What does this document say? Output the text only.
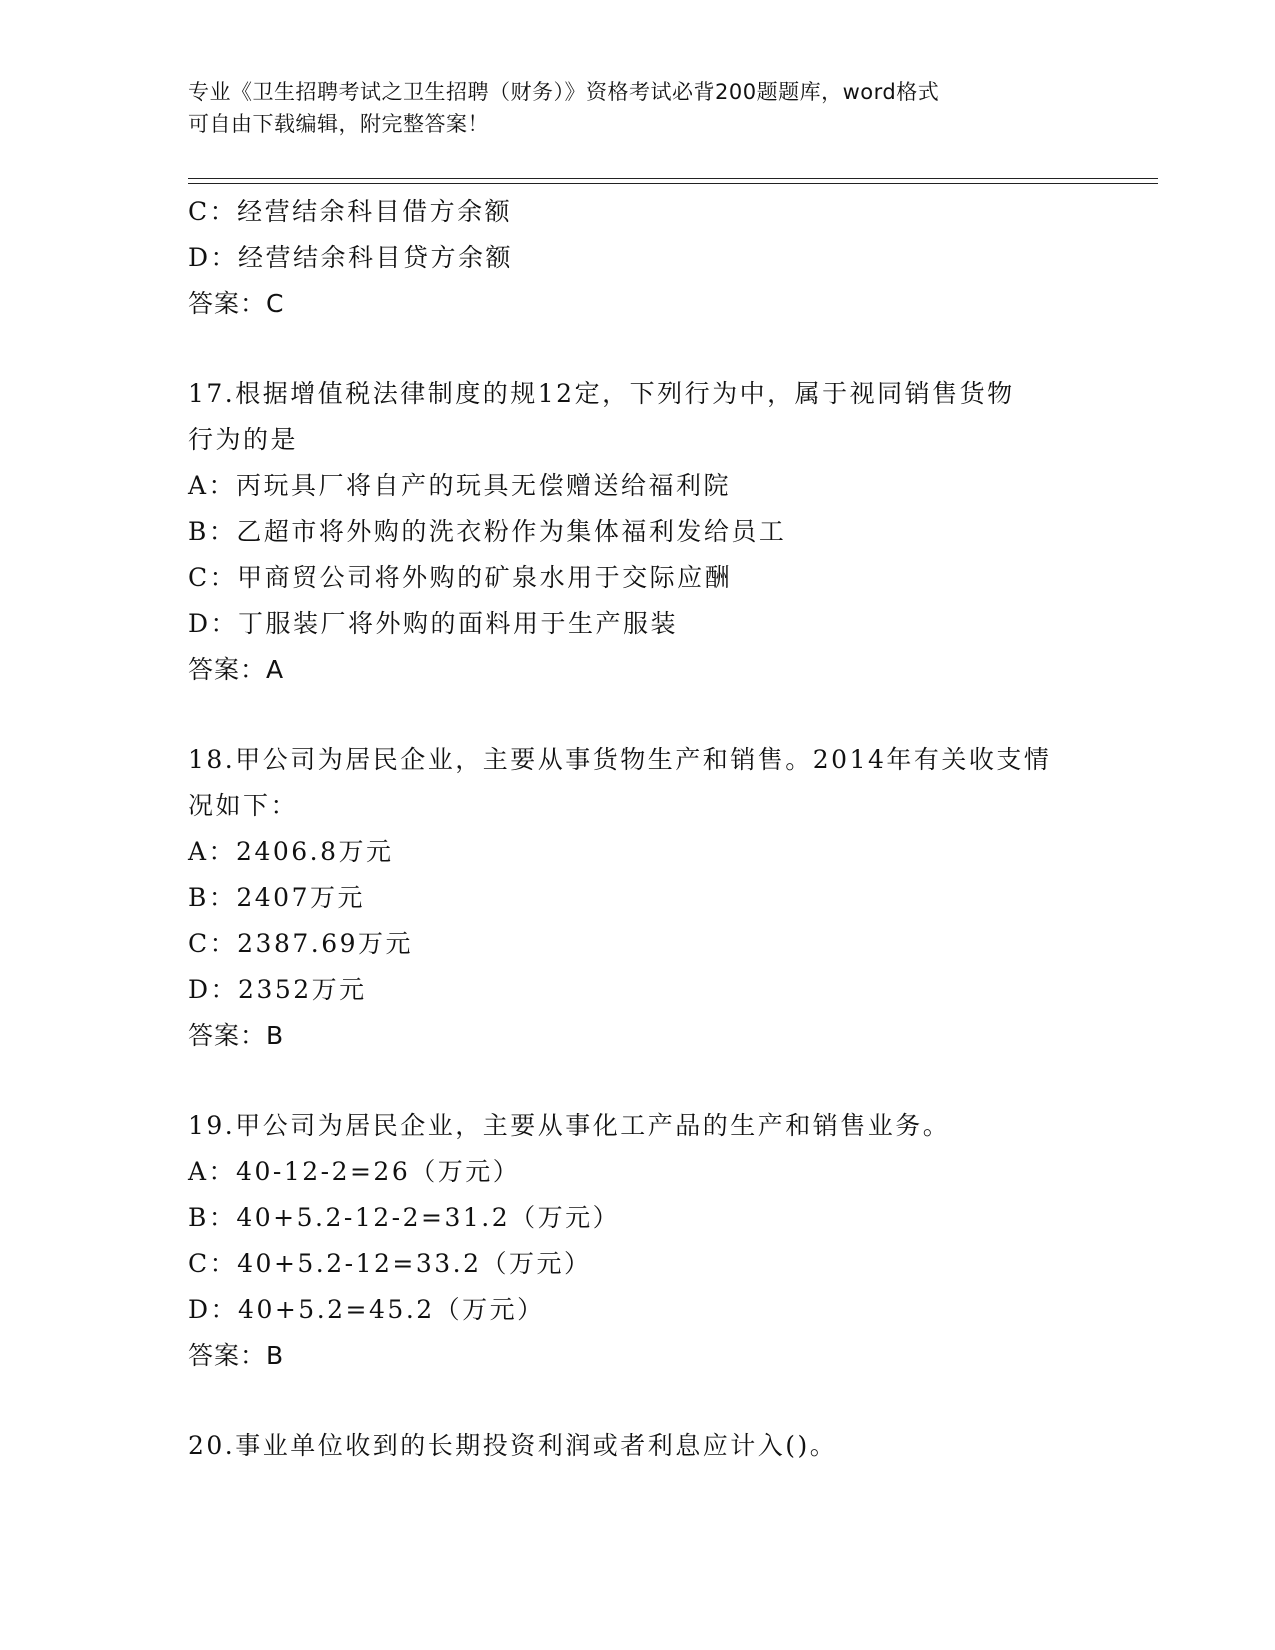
专业《卫生招聘考试之卫生招聘（财务）》资格考试必背200题题库，word格式
可自由下载编辑，附完整答案！
C：经营结余科目借方余额
D：经营结余科目贷方余额
答案：C
17.根据增值税法律制度的规12定，下列行为中，属于视同销售货物
行为的是
A：丙玩具厂将自产的玩具无偿赠送给福利院
B：乙超市将外购的洗衣粉作为集体福利发给员工
C：甲商贸公司将外购的矿泉水用于交际应酬
D：丁服装厂将外购的面料用于生产服装
答案：A
18.甲公司为居民企业，主要从事货物生产和销售。2014年有关收支情
况如下：
A：2406.8万元
B：2407万元
C：2387.69万元
D：2352万元
答案：B
19.甲公司为居民企业，主要从事化工产品的生产和销售业务。
A：40-12-2=26（万元）
B：40+5.2-12-2=31.2（万元）
C：40+5.2-12=33.2（万元）
D：40+5.2=45.2（万元）
答案：B
20.事业单位收到的长期投资利润或者利息应计入()。
